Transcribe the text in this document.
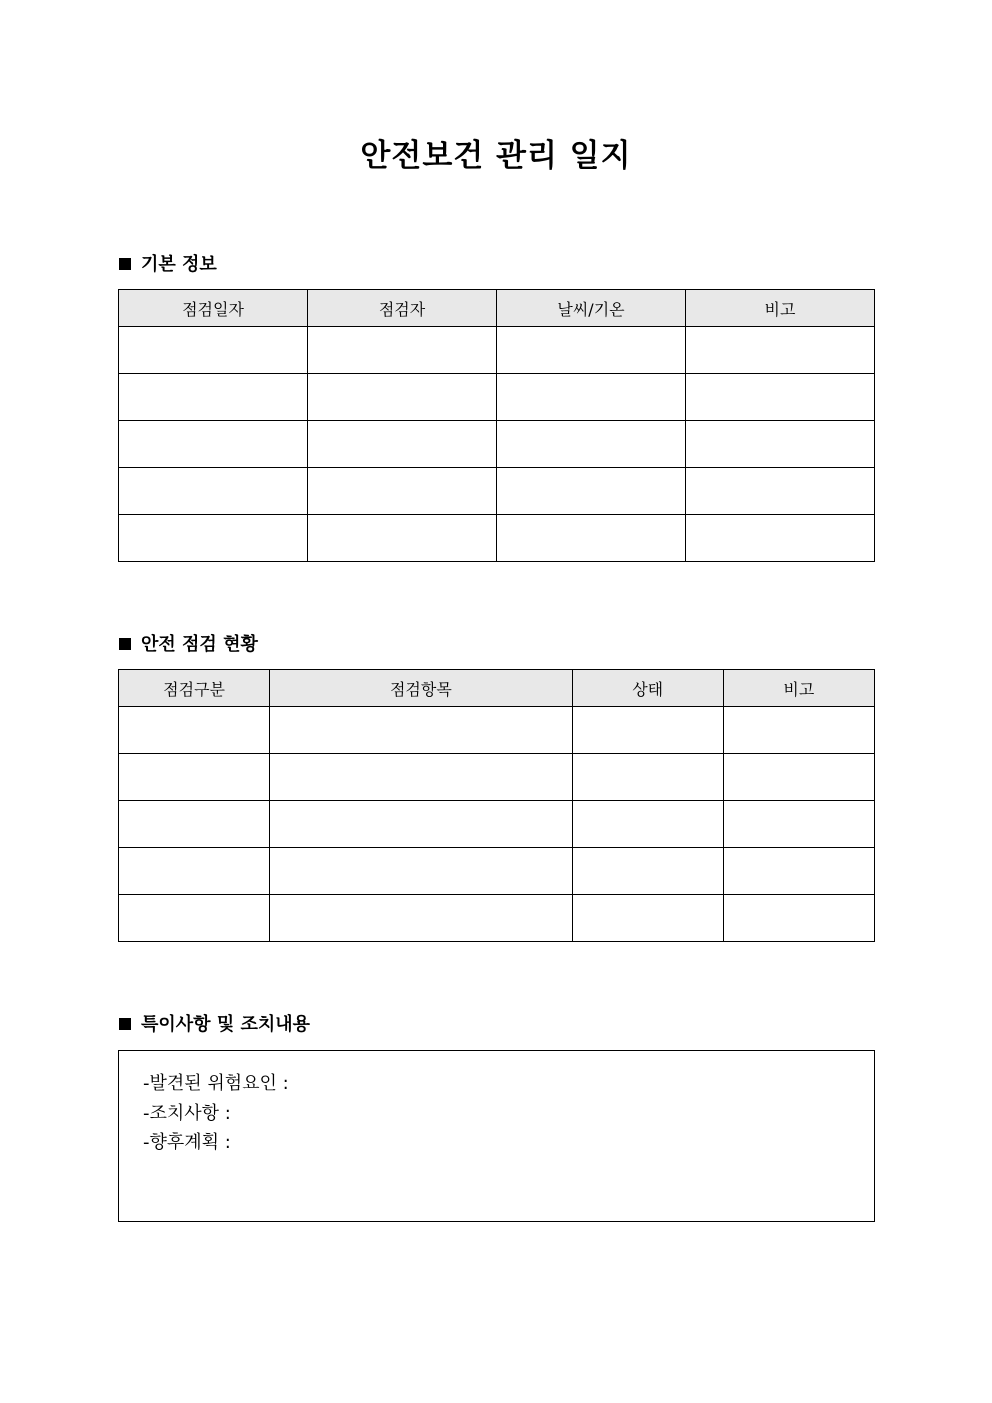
안전보건 관리 일지
기본 정보
점검일자	점검자	날씨/기온	비고

안전 점검 현황
점검구분	점검항목	상태	비고

특이사항 및 조치내용
-발견된 위험요인 :
-조치사항 :
-향후계획 :
